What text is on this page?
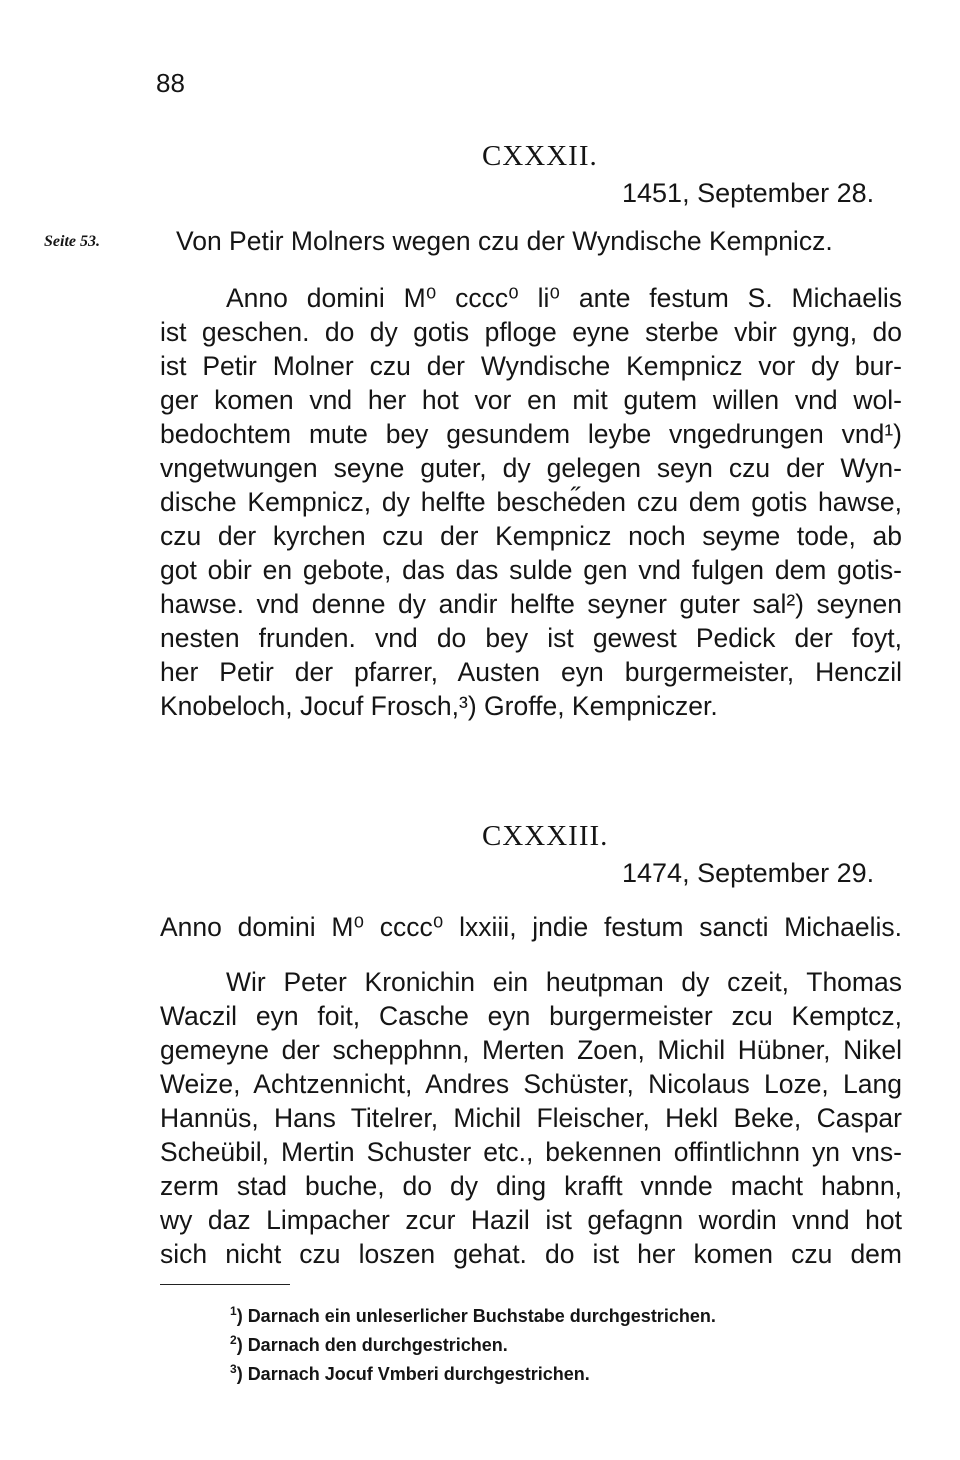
88
CXXXII.
1451, September 28.
Seite 53.	Von Petir Molners wegen czu der Wyndische Kempnicz.
Anno domini M⁰ cccc⁰ li⁰ ante festum S. Michaelis
ist geschen. do dy gotis pfloge eyne sterbe vbir gyng, do
ist Petir Molner czu der Wyndische Kempnicz vor dy bur-
ger komen vnd her hot vor en mit gutem willen vnd wol-
bedochtem mute bey gesundem leybe vngedrungen vnd¹)
vngetwungen seyne guter, dy gelegen seyn czu der Wyn-
dische Kempnicz, dy helfte besche̋den czu dem gotis hawse,
czu der kyrchen czu der Kempnicz noch seyme tode, ab
got obir en gebote, das das sulde gen vnd fulgen dem gotis-
hawse. vnd denne dy andir helfte seyner guter sal²) seynen
nesten frunden. vnd do bey ist gewest Pedick der foyt,
her Petir der pfarrer, Austen eyn burgermeister, Henczil
Knobeloch, Jocuf Frosch,³) Groffe, Kempniczer.
CXXXIII.
1474, September 29.
Anno domini M⁰ cccc⁰ lxxiii, jndie festum sancti Michaelis.
Wir Peter Kronichin ein heutpman dy czeit, Thomas
Waczil eyn foit, Casche eyn burgermeister zcu Kemptcz,
gemeyne der schepphnn, Merten Zoen, Michil Hübner, Nikel
Weize, Achtzennicht, Andres Schüster, Nicolaus Loze, Lang
Hannüs, Hans Titelrer, Michil Fleischer, Hekl Beke, Caspar
Scheübil, Mertin Schuster etc., bekennen offintlichnn yn vns-
zerm stad buche, do dy ding krafft vnnde macht habnn,
wy daz Limpacher zcur Hazil ist gefagnn wordin vnnd hot
sich nicht czu loszen gehat. do ist her komen czu dem
$^1$) Darnach ein unleserlicher Buchstabe durchgestrichen.
$^2$) Darnach den durchgestrichen.
$^3$) Darnach Jocuf Vmberi durchgestrichen.
